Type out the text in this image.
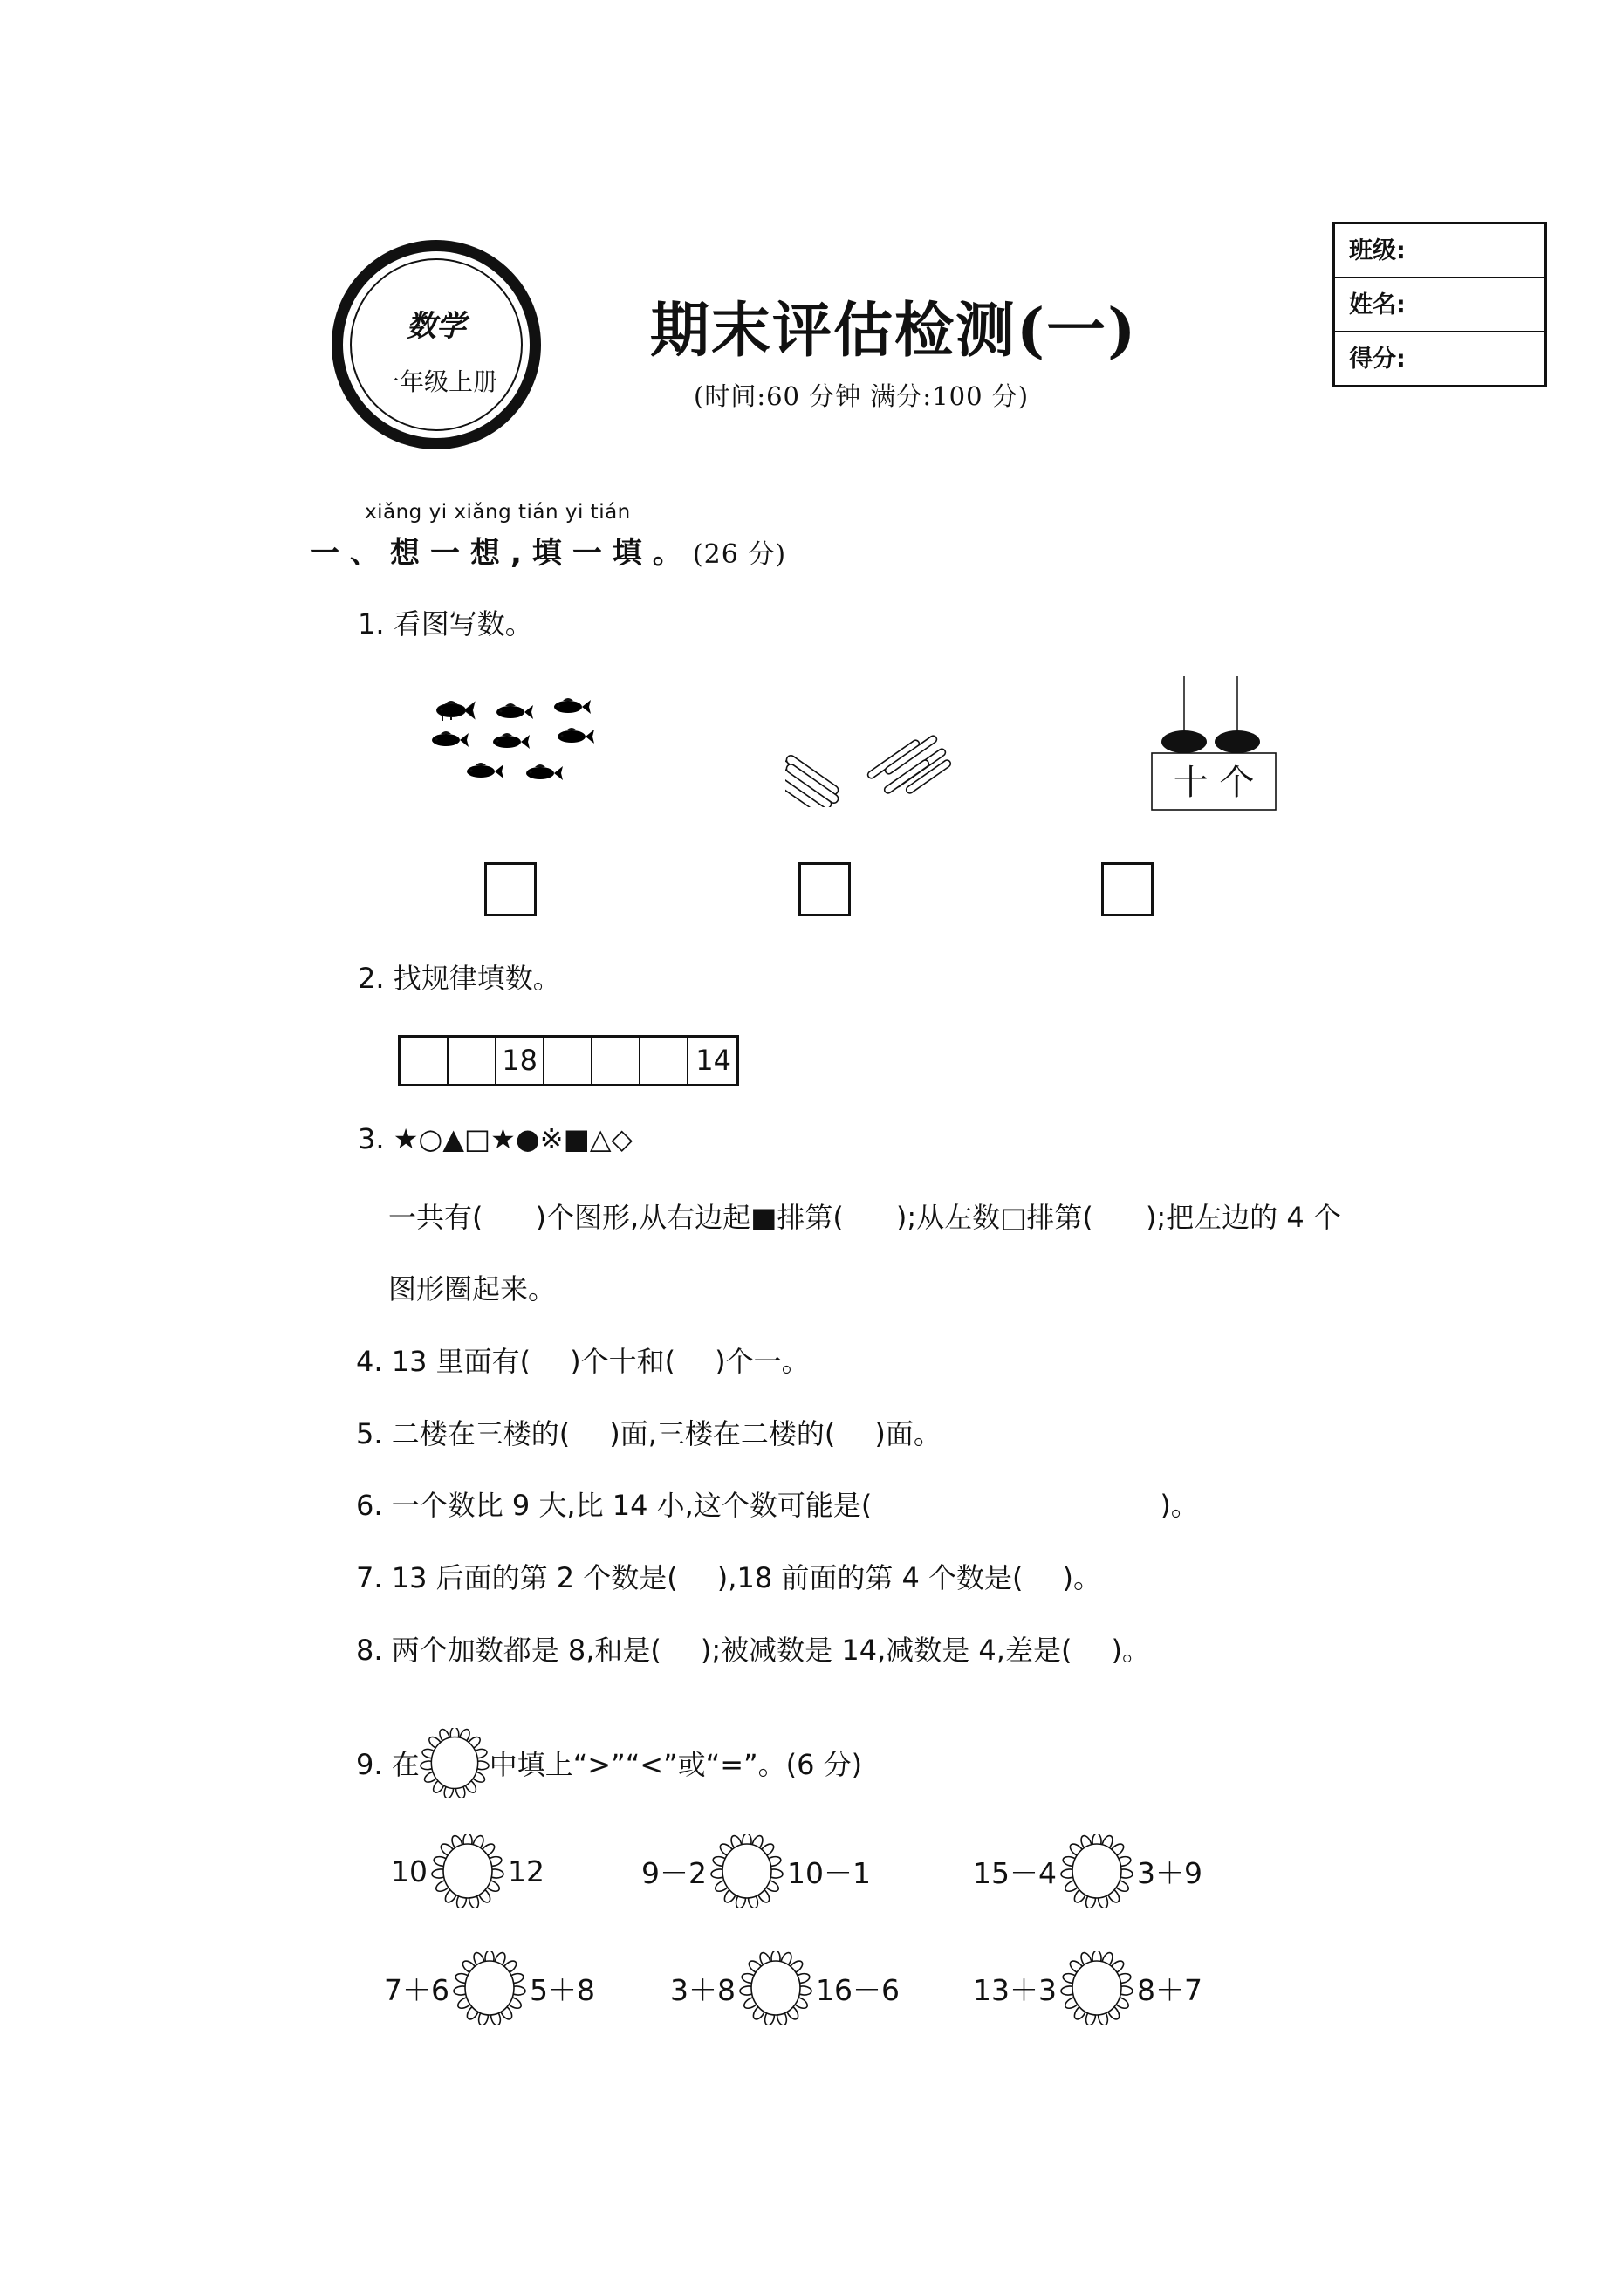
数学
一年级上册
期末评估检测(一)
(时间:60 分钟 满分:100 分)
班级:
姓名:
得分:
xiǎng yi xiǎng tián yi tián
一、想一想,填一填。(26 分)
1. 看图写数。
十 个
2. 找规律填数。
18	14
3. ★○▲□★●※■△◇
一共有( )个图形,从右边起■排第( );从左数□排第( );把左边的 4 个
图形圈起来。
4. 13 里面有( )个十和( )个一。
5. 二楼在三楼的( )面,三楼在二楼的( )面。
6. 一个数比 9 大,比 14 小,这个数可能是(	)。
7. 13 后面的第 2 个数是( ),18 前面的第 4 个数是( )。
8. 两个加数都是 8,和是( );被减数是 14,减数是 4,差是( )。
9. 在	中填上“>”“<”或“=”。(6 分)
10	12	9－2	10－1	15－4	3＋9
7＋6	5＋8	3＋8	16－6	13＋3	8＋7
